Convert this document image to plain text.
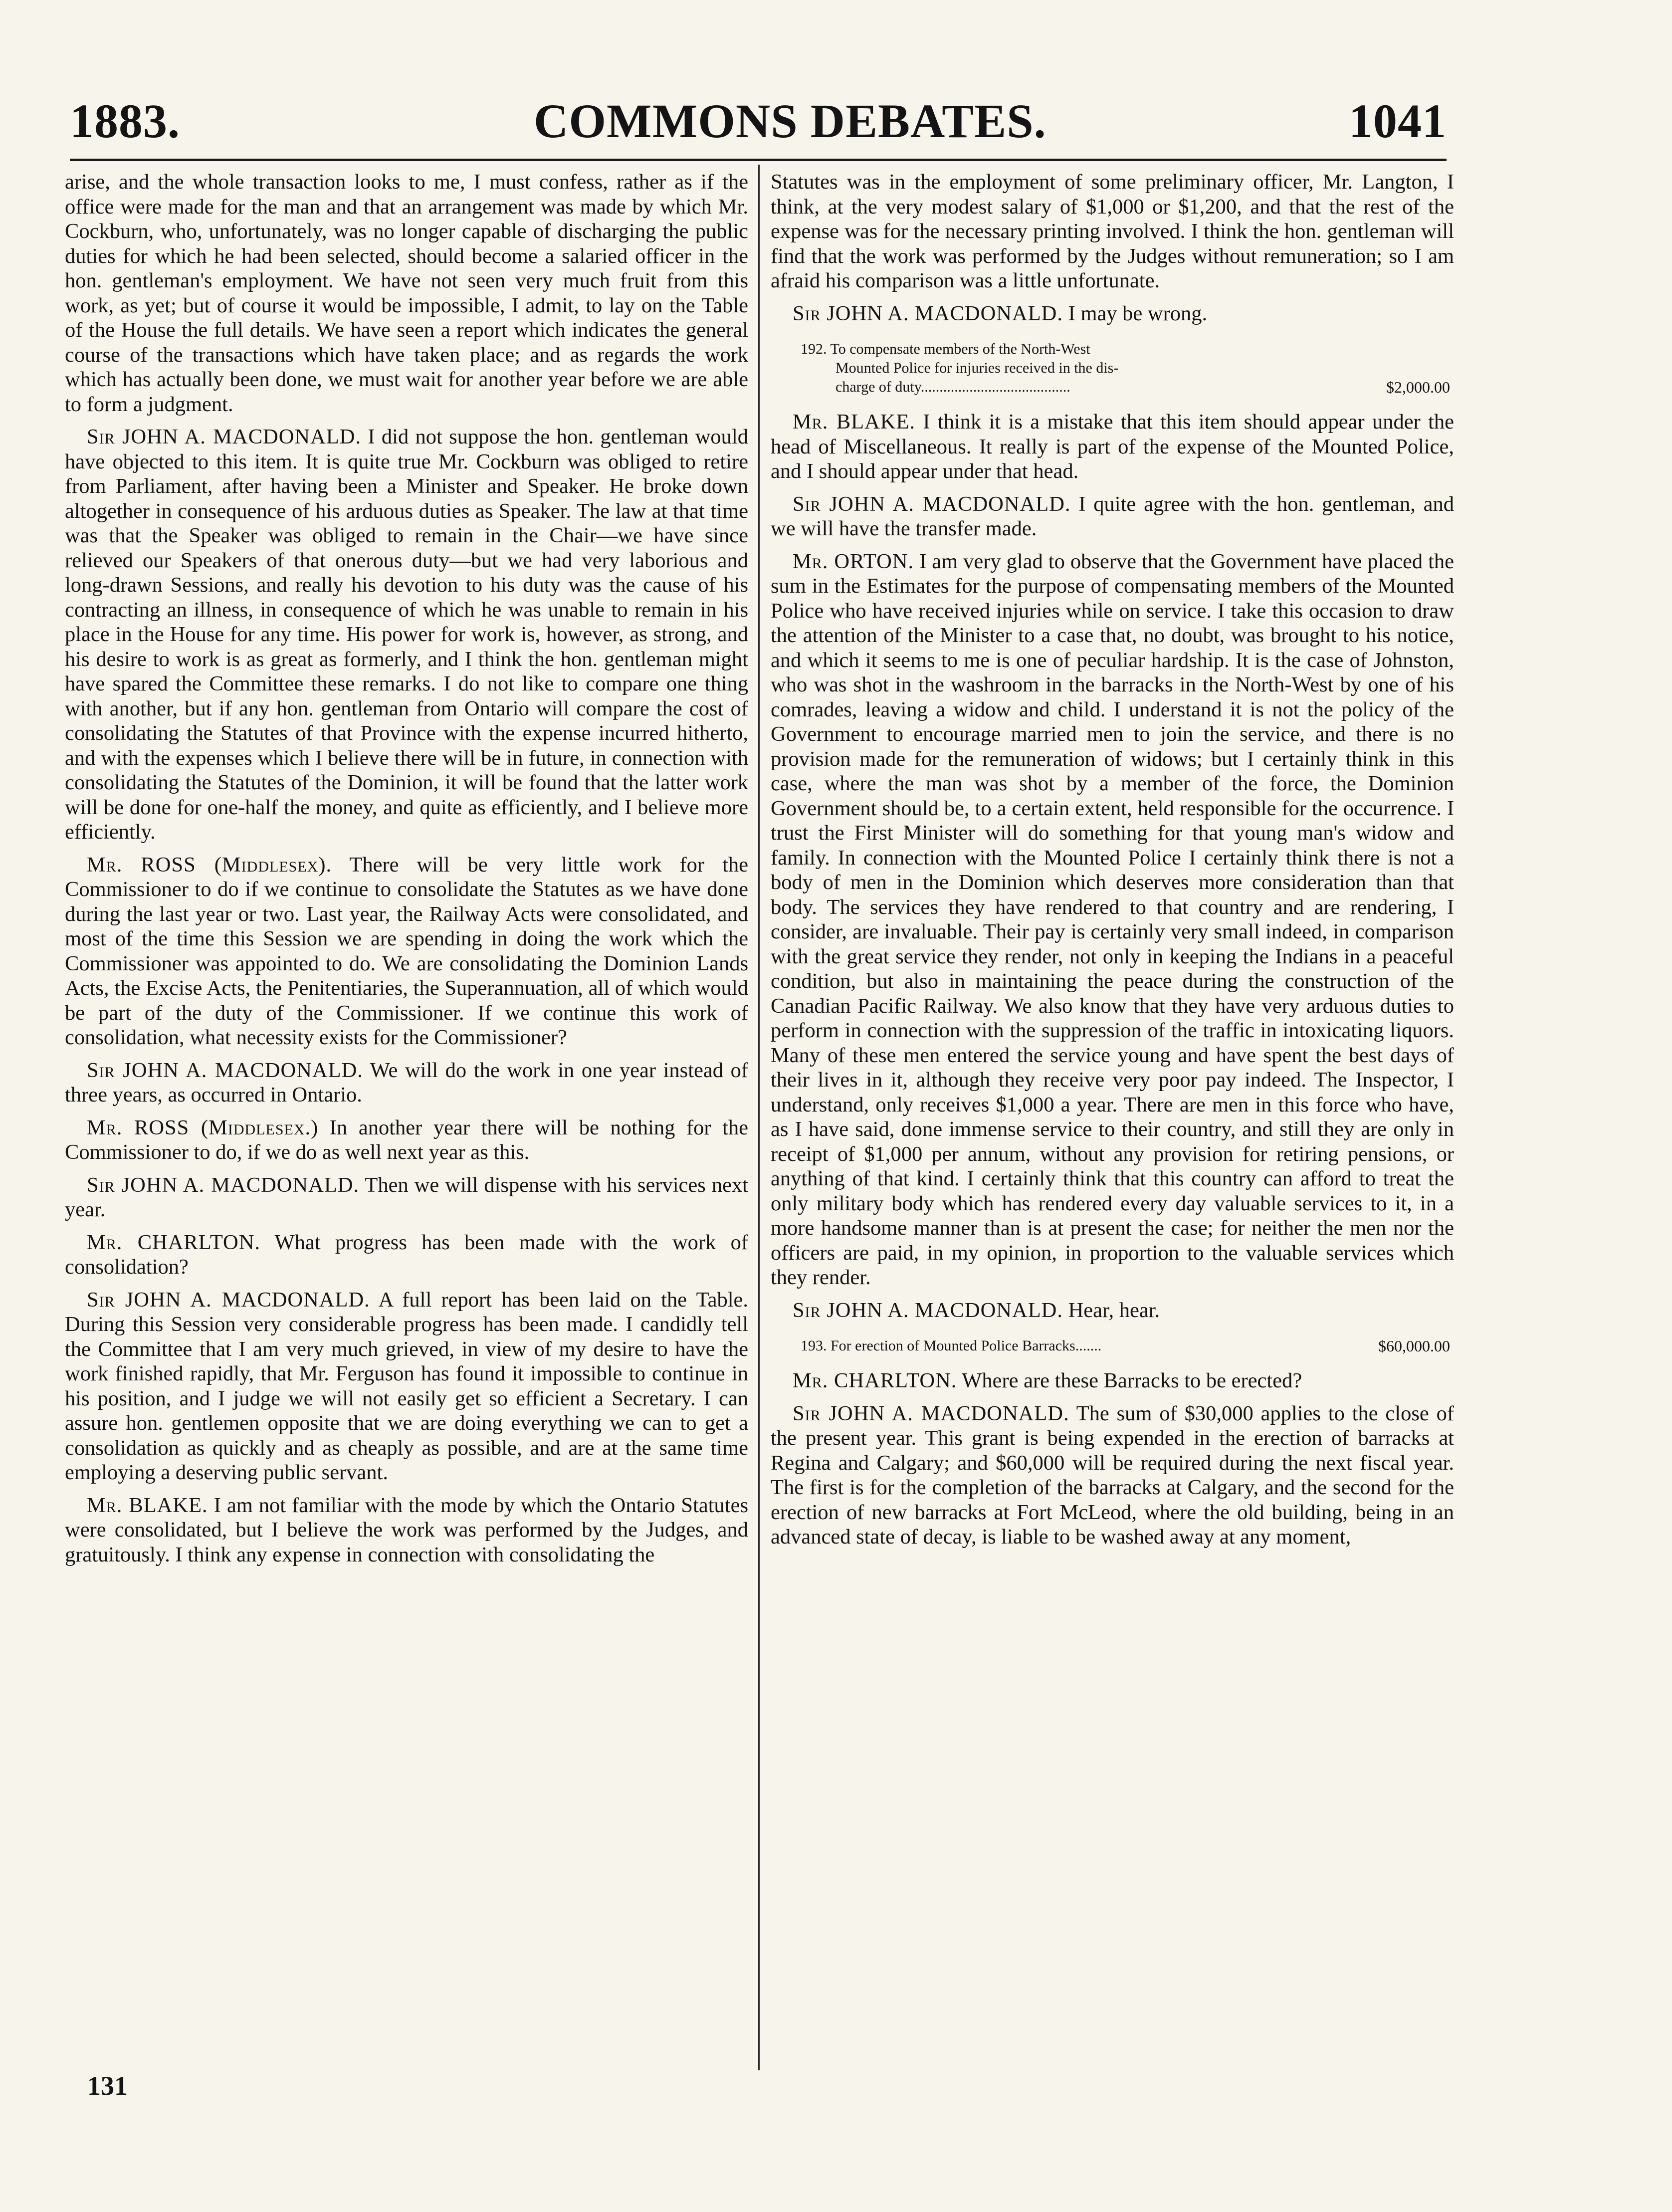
1883.	COMMONS DEBATES.	1041

arise, and the whole transaction looks to me, I must confess, rather as if the office were made for the man and that an arrangement was made by which Mr. Cockburn, who, unfortunately, was no longer capable of discharging the public duties for which he had been selected, should become a salaried officer in the hon. gentleman's employment. We have not seen very much fruit from this work, as yet; but of course it would be impossible, I admit, to lay on the Table of the House the full details. We have seen a report which indicates the general course of the transactions which have taken place; and as regards the work which has actually been done, we must wait for another year before we are able to form a judgment.

Sir JOHN A. MACDONALD. I did not suppose the hon. gentleman would have objected to this item. It is quite true Mr. Cockburn was obliged to retire from Parliament, after having been a Minister and Speaker. He broke down altogether in consequence of his arduous duties as Speaker. The law at that time was that the Speaker was obliged to remain in the Chair—we have since relieved our Speakers of that onerous duty—but we had very laborious and long-drawn Sessions, and really his devotion to his duty was the cause of his contracting an illness, in consequence of which he was unable to remain in his place in the House for any time. His power for work is, however, as strong, and his desire to work is as great as formerly, and I think the hon. gentleman might have spared the Committee these remarks. I do not like to compare one thing with another, but if any hon. gentleman from Ontario will compare the cost of consolidating the Statutes of that Province with the expense incurred hitherto, and with the expenses which I believe there will be in future, in connection with consolidating the Statutes of the Dominion, it will be found that the latter work will be done for one-half the money, and quite as efficiently, and I believe more efficiently.

Mr. ROSS (Middlesex). There will be very little work for the Commissioner to do if we continue to consolidate the Statutes as we have done during the last year or two. Last year, the Railway Acts were consolidated, and most of the time this Session we are spending in doing the work which the Commissioner was appointed to do. We are consolidating the Dominion Lands Acts, the Excise Acts, the Penitentiaries, the Superannuation, all of which would be part of the duty of the Commissioner. If we continue this work of consolidation, what necessity exists for the Commissioner?

Sir JOHN A. MACDONALD. We will do the work in one year instead of three years, as occurred in Ontario.

Mr. ROSS (Middlesex.) In another year there will be nothing for the Commissioner to do, if we do as well next year as this.

Sir JOHN A. MACDONALD. Then we will dispense with his services next year.

Mr. CHARLTON. What progress has been made with the work of consolidation?

Sir JOHN A. MACDONALD. A full report has been laid on the Table. During this Session very considerable progress has been made. I candidly tell the Committee that I am very much grieved, in view of my desire to have the work finished rapidly, that Mr. Ferguson has found it impossible to continue in his position, and I judge we will not easily get so efficient a Secretary. I can assure hon. gentlemen opposite that we are doing everything we can to get a consolidation as quickly and as cheaply as possible, and are at the same time employing a deserving public servant.

Mr. BLAKE. I am not familiar with the mode by which the Ontario Statutes were consolidated, but I believe the work was performed by the Judges, and gratuitously. I think any expense in connection with consolidating the

Statutes was in the employment of some preliminary officer, Mr. Langton, I think, at the very modest salary of $1,000 or $1,200, and that the rest of the expense was for the necessary printing involved. I think the hon. gentleman will find that the work was performed by the Judges without remuneration; so I am afraid his comparison was a little unfortunate.

Sir JOHN A. MACDONALD. I may be wrong.

192. To compensate members of the North-West
Mounted Police for injuries received in the dis-
charge of duty........................................	$2,000.00

Mr. BLAKE. I think it is a mistake that this item should appear under the head of Miscellaneous. It really is part of the expense of the Mounted Police, and I should appear under that head.

Sir JOHN A. MACDONALD. I quite agree with the hon. gentleman, and we will have the transfer made.

Mr. ORTON. I am very glad to observe that the Government have placed the sum in the Estimates for the purpose of compensating members of the Mounted Police who have received injuries while on service. I take this occasion to draw the attention of the Minister to a case that, no doubt, was brought to his notice, and which it seems to me is one of peculiar hardship. It is the case of Johnston, who was shot in the washroom in the barracks in the North-West by one of his comrades, leaving a widow and child. I understand it is not the policy of the Government to encourage married men to join the service, and there is no provision made for the remuneration of widows; but I certainly think in this case, where the man was shot by a member of the force, the Dominion Government should be, to a certain extent, held responsible for the occurrence. I trust the First Minister will do something for that young man's widow and family. In connection with the Mounted Police I certainly think there is not a body of men in the Dominion which deserves more consideration than that body. The services they have rendered to that country and are rendering, I consider, are invaluable. Their pay is certainly very small indeed, in comparison with the great service they render, not only in keeping the Indians in a peaceful condition, but also in maintaining the peace during the construction of the Canadian Pacific Railway. We also know that they have very arduous duties to perform in connection with the suppression of the traffic in intoxicating liquors. Many of these men entered the service young and have spent the best days of their lives in it, although they receive very poor pay indeed. The Inspector, I understand, only receives $1,000 a year. There are men in this force who have, as I have said, done immense service to their country, and still they are only in receipt of $1,000 per annum, without any provision for retiring pensions, or anything of that kind. I certainly think that this country can afford to treat the only military body which has rendered every day valuable services to it, in a more handsome manner than is at present the case; for neither the men nor the officers are paid, in my opinion, in proportion to the valuable services which they render.

Sir JOHN A. MACDONALD. Hear, hear.

193. For erection of Mounted Police Barracks.......	$60,000.00

Mr. CHARLTON. Where are these Barracks to be erected?

Sir JOHN A. MACDONALD. The sum of $30,000 applies to the close of the present year. This grant is being expended in the erection of barracks at Regina and Calgary; and $60,000 will be required during the next fiscal year. The first is for the completion of the barracks at Calgary, and the second for the erection of new barracks at Fort McLeod, where the old building, being in an advanced state of decay, is liable to be washed away at any moment,

131
